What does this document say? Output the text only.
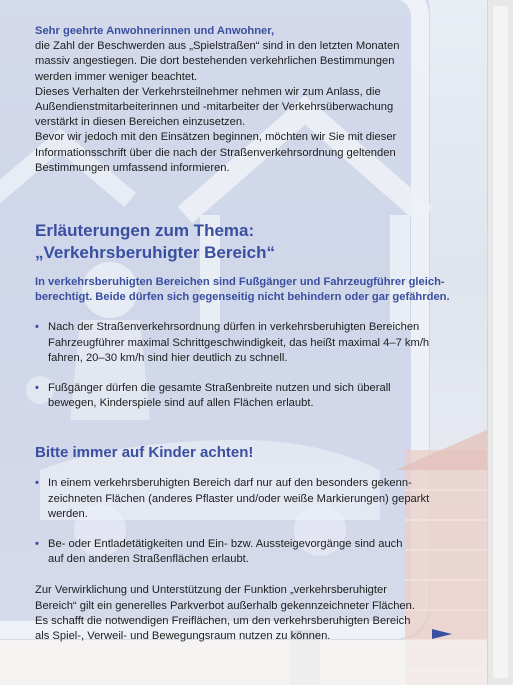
Sehr geehrte Anwohnerinnen und Anwohner,

die Zahl der Beschwerden aus „Spielstraßen“ sind in den letzten Monaten

massiv angestiegen. Die dort bestehenden verkehrlichen Bestimmungen

werden immer weniger beachtet.

Dieses Verhalten der Verkehrsteilnehmer nehmen wir zum Anlass, die

Außendienstmitarbeiterinnen und -mitarbeiter der Verkehrsüberwachung

verstärkt in diesen Bereichen einzusetzen.

Bevor wir jedoch mit den Einsätzen beginnen, möchten wir Sie mit dieser

Informationsschrift über die nach der Straßenverkehrsordnung geltenden

Bestimmungen umfassend informieren.

Erläuterungen zum Thema:

„Verkehrsberuhigter Bereich“

In verkehrsberuhigten Bereichen sind Fußgänger und Fahrzeugführer gleich-

berechtigt. Beide dürfen sich gegenseitig nicht behindern oder gar gefährden.

• Nach der Straßenverkehrsordnung dürfen in verkehrsberuhigten Bereichen

Fahrzeugführer maximal Schrittgeschwindigkeit, das heißt maximal 4–7 km/h

fahren, 20–30 km/h sind hier deutlich zu schnell.

• Fußgänger dürfen die gesamte Straßenbreite nutzen und sich überall

bewegen, Kinderspiele sind auf allen Flächen erlaubt.

Bitte immer auf Kinder achten!

• In einem verkehrsberuhigten Bereich darf nur auf den besonders gekenn-

zeichneten Flächen (anderes Pflaster und/oder weiße Markierungen) geparkt

werden.

• Be- oder Entladetätigkeiten und Ein- bzw. Aussteigevorgänge sind auch

auf den anderen Straßenflächen erlaubt.

Zur Verwirklichung und Unterstützung der Funktion „verkehrsberuhigter

Bereich“ gilt ein generelles Parkverbot außerhalb gekennzeichneter Flächen.

Es schafft die notwendigen Freiflächen, um den verkehrsberuhigten Bereich

als Spiel-, Verweil- und Bewegungsraum nutzen zu können.
